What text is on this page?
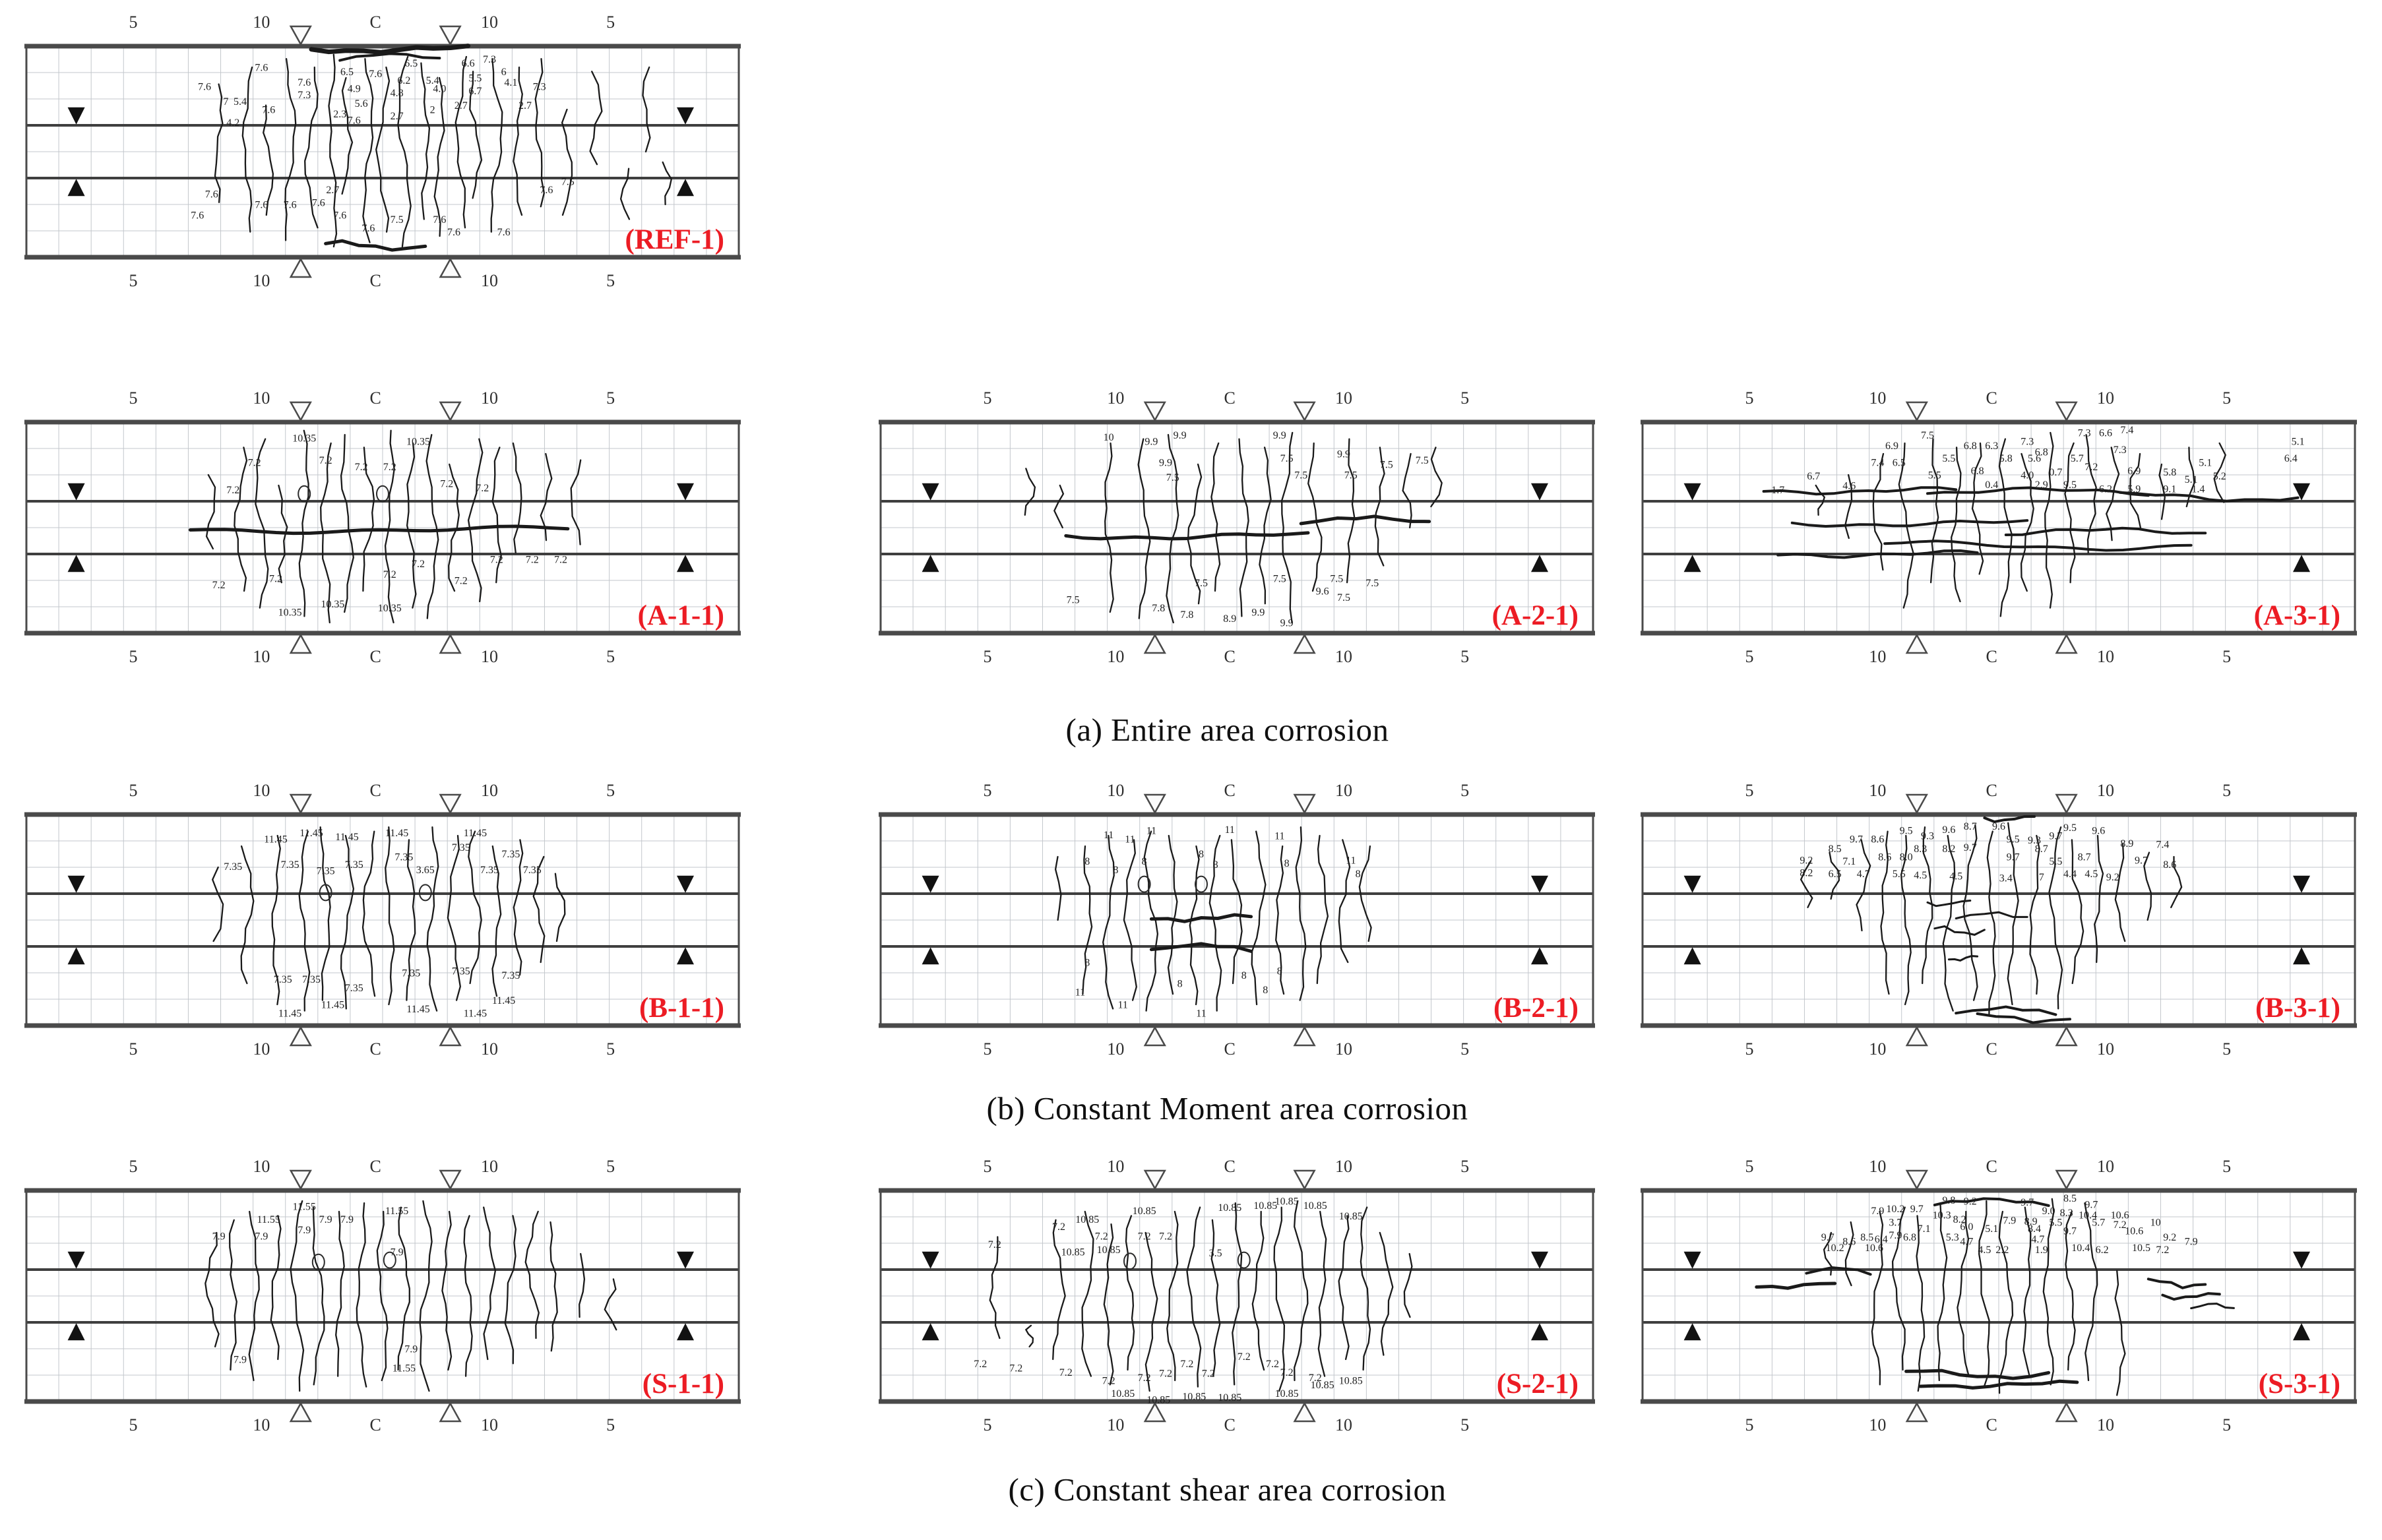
5
5
10
10
C
C
10
10
5
5
7.6
7 5.4
4.2
7.6
7.6
7.6
7.3
6.5
4.9
7.6
4.8
6.2
6.5
5.4
4.0
6.6
5.5
6.7
7.3
6
4.1 7.3
2.7
2.7
2
5.6
2.3
7.6	2.7
7.6
7.6
7.6 7.6 7.6
2.7
7.6
7.6
7.5	7.6
7.6	7.6
7.6
7.5
(REF-1)
5
5
10
10
C
C
10
10
5
5
10.35	10.35
7.2	7.2
7.2 7.2
7.2 7.2
7.2
7.2
7.2	7.2
7.2
7.2
7.2 7.2 7.2
10.35
10.35	10.35	(A-1-1)
5
5
10
10
C
C
10
10
5
5
10	9.9
9.9	9.9
9.9
7.5
7.5
7.5
9.9
7.5
7.5
7.5
7.5
7.8
7.8
7.5
8.9
9.9
9.9
7.5
9.6
7.5
7.5 7.5
(A-2-1)
5
5
10
10
C
C
10
10
5
5
7.5
6.9	6.8 6.3 7.3
7.3 6.6 7.4
6.8	7.3
7.4 6.5	5.5	5.8 5.6	5.7
6.7	5.5	6.8	4.0 0.7 7.2	6.9 5.8
5.1
5.2
5.1
2.9
0.4
1.7	4.6	6.2 5.9 9.1 1.4
9.5
5.1
6.4
(A-3-1)
5
5
10
10
C
C
10
10
5
5
11.45
11.45 11.45	11.45	11.45
7.35	7.35
7.35
7.35
7.35
3.65
7.35
7.35
7.35
7.35
7.35 7.35
7.35
7.35	7.35	7.35
11.45
11.45	11.45	11.45
11.45	(B-1-1)
5
5
10
10
C
C
10
10
5
5
11 11
11	11
11
8
8
8
8
8	8	11
8
8
11
11
8
11
8	8
8
(B-2-1)
5
5
10
10
C
C
10
10
5
5
9.5	9.6 8.7 9.6	9.5 9.6
9.7 8.6	9.3	9.5 9.3 9.7
8.5	8.3 8.2 9.7	8.7	8.9 7.4
9.2	7.1 8.6 8.0	9.7	5.5 8.7	9.7 8.6
8.2 6.5 4.7 5.5 4.5 4.5	3.4	7 4.4 4.5 9.2
(B-3-1)
5
5
10
10
C
C
10
10
5
5
11.55
11.55
11.55
7.9 7.9
7.9	7.9
7.9
7.9
7.9
7.9
11.55
(S-1-1)
5
5
10
10
C
C
10
10
5
5
10.85
10.85
10.85 10.85
10.85 10.85
10.85
7.2
7.2	7.2 7.2
7.2
10.85 10.85	3.5
7.2 7.2	7.2
7.2 7.2 7.2
7.2
7.2
7.2
7.2
7.2 7.2
10.85
10.85 10.85 10.85	10.85
10.85 10.85	(S-2-1)
5
5
10
10
C
C
10
10
5
5
9.8 9.2	9.7	8.5
9.7
7.9 10.2 9.7
10.3	9.0 8.3 10.4 10.6
3.7	8.2	7.9 8.9 5.5	5.7 7.2 10
7.1	6.0 5.1	8.4 9.7	10.6
9.7 8.6 8.5 6.4 7.9 6.8	5.3 4.7	4.7	9.2 7.9
10.2 10.6	4.5 2.2 1.9 10.4 6.2 10.5 7.2
(S-3-1)
(a) Entire area corrosion
(b) Constant Moment area corrosion
(c) Constant shear area corrosion
